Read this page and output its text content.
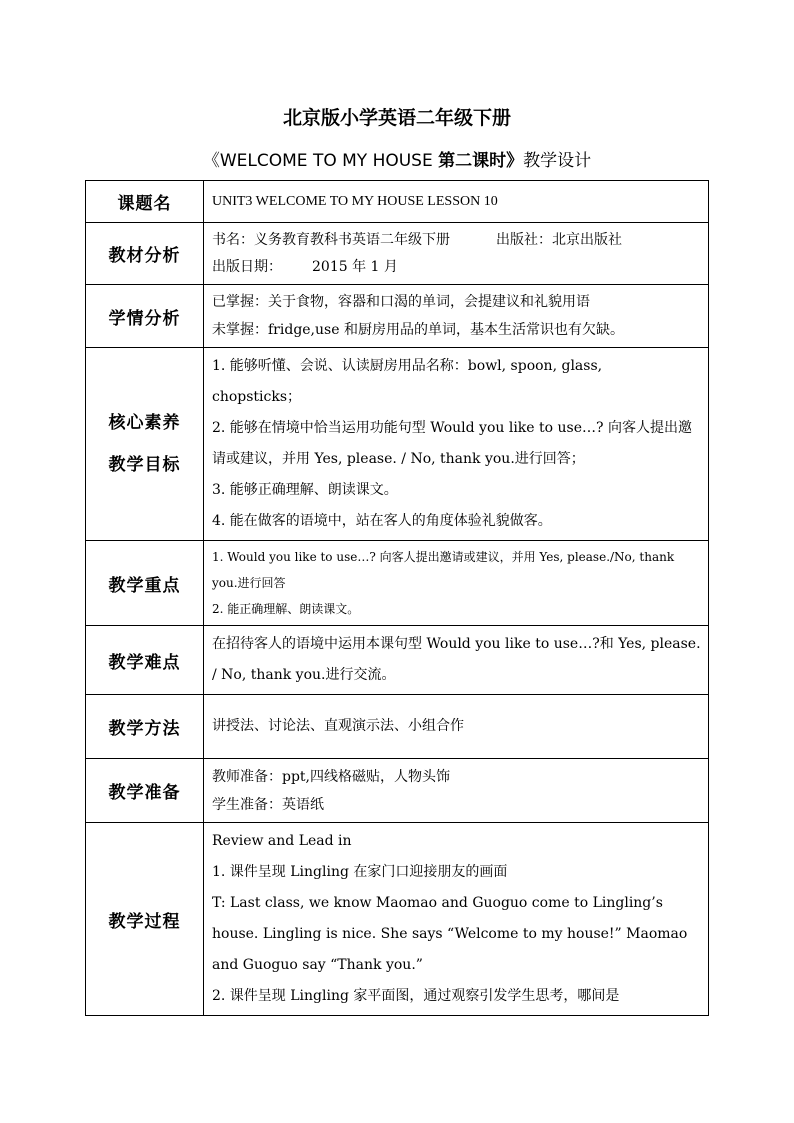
北京版小学英语二年级下册
《WELCOME TO MY HOUSE 第二课时》教学设计
课题名	UNIT3 WELCOME TO MY HOUSE LESSON 10

教材分析	书名：义务教育教科书英语二年级下册 出版社：北京出版社
出版日期： 2015 年 1 月

学情分析	已掌握：关于食物，容器和口渴的单词，会提建议和礼貌用语
未掌握：fridge,use 和厨房用品的单词，基本生活常识也有欠缺。

核心素养
教学目标	1. 能够听懂、会说、认读厨房用品名称：bowl, spoon, glass, chopsticks；
2. 能够在情境中恰当运用功能句型 Would you like to use…? 向客人提出邀请或建议，并用 Yes, please. / No, thank you.进行回答；
3. 能够正确理解、朗读课文。
4. 能在做客的语境中，站在客人的角度体验礼貌做客。

教学重点	1. Would you like to use…? 向客人提出邀请或建议，并用 Yes, please./No, thank you.进行回答
2. 能正确理解、朗读课文。

教学难点	在招待客人的语境中运用本课句型 Would you like to use…?和 Yes, please. / No, thank you.进行交流。

教学方法	讲授法、讨论法、直观演示法、小组合作

教学准备	教师准备：ppt,四线格磁贴，人物头饰
学生准备：英语纸

教学过程	Review and Lead in
1. 课件呈现 Lingling 在家门口迎接朋友的画面
T: Last class, we know Maomao and Guoguo come to Lingling’s house. Lingling is nice. She says “Welcome to my house!” Maomao and Guoguo say “Thank you.”
2. 课件呈现 Lingling 家平面图，通过观察引发学生思考，哪间是
